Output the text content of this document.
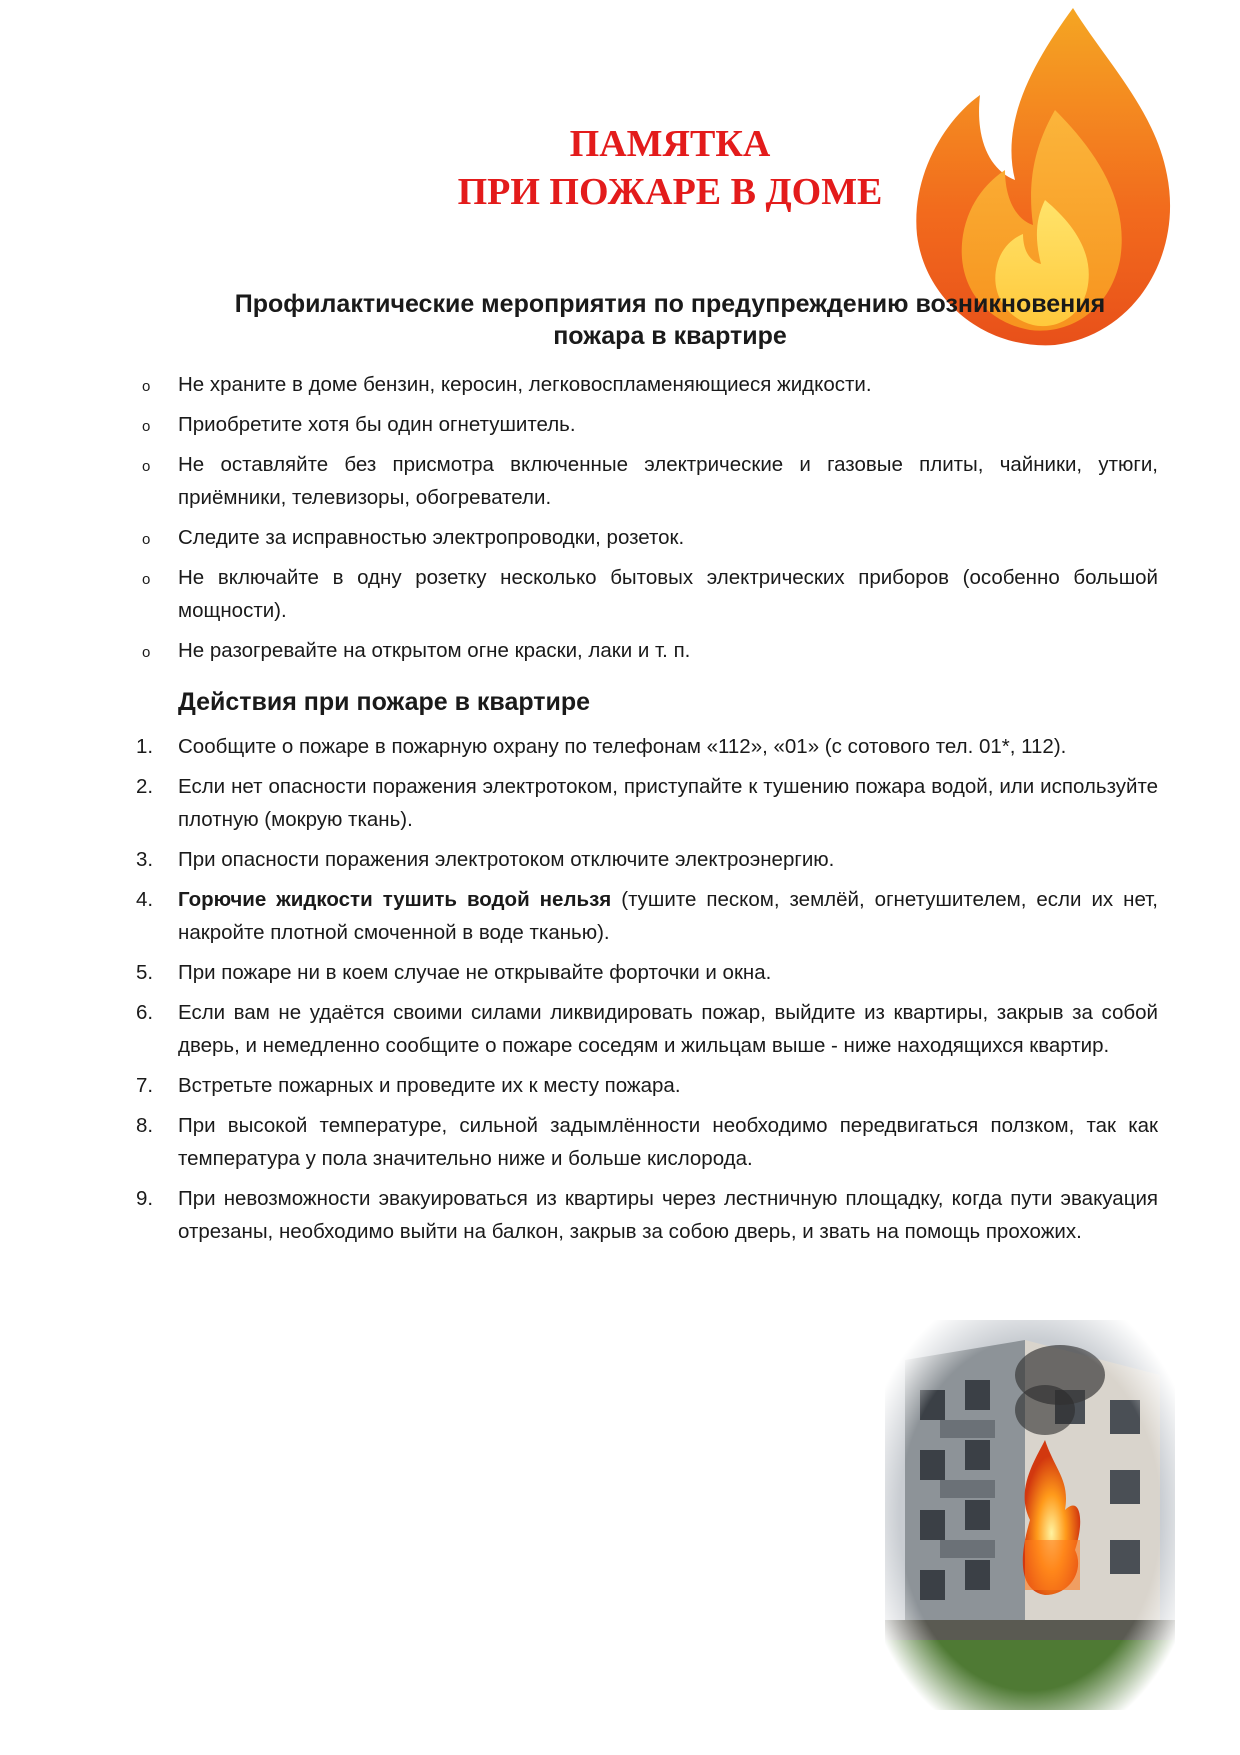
ПАМЯТКА
ПРИ ПОЖАРЕ В ДОМЕ
Профилактические мероприятия по предупреждению возникновения
пожара в квартире
o	Не храните в доме бензин, керосин, легковоспламеняющиеся жидкости.
o	Приобретите хотя бы один огнетушитель.
o	Не оставляйте без присмотра включенные электрические и газовые плиты, чайники, утюги, приёмники, телевизоры, обогреватели.
o	Следите за исправностью электропроводки, розеток.
o	Не включайте в одну розетку несколько бытовых электрических приборов (особенно большой мощности).
o	Не разогревайте на открытом огне краски, лаки и т. п.
Действия при пожаре в квартире
1.	Сообщите о пожаре в пожарную охрану по телефонам «112», «01» (с сотового тел. 01*, 112).
2.	Если нет опасности поражения электротоком, приступайте к тушению пожара водой, или используйте плотную (мокрую ткань).
3.	При опасности поражения электротоком отключите электроэнергию.
4.	Горючие жидкости тушить водой нельзя (тушите песком, землёй, огнетушителем, если их нет, накройте плотной смоченной в воде тканью).
5.	При пожаре ни в коем случае не открывайте форточки и окна.
6.	Если вам не удаётся своими силами ликвидировать пожар, выйдите из квартиры, закрыв за собой дверь, и немедленно сообщите о пожаре соседям и жильцам выше - ниже находящихся квартир.
7.	Встретьте пожарных и проведите их к месту пожара.
8.	При высокой температуре, сильной задымлённости необходимо передвигаться ползком, так как температура у пола значительно ниже и больше кислорода.
9.	При невозможности эвакуироваться из квартиры через лестничную площадку, когда пути эвакуация отрезаны, необходимо выйти на балкон, закрыв за собою дверь, и звать на помощь прохожих.
